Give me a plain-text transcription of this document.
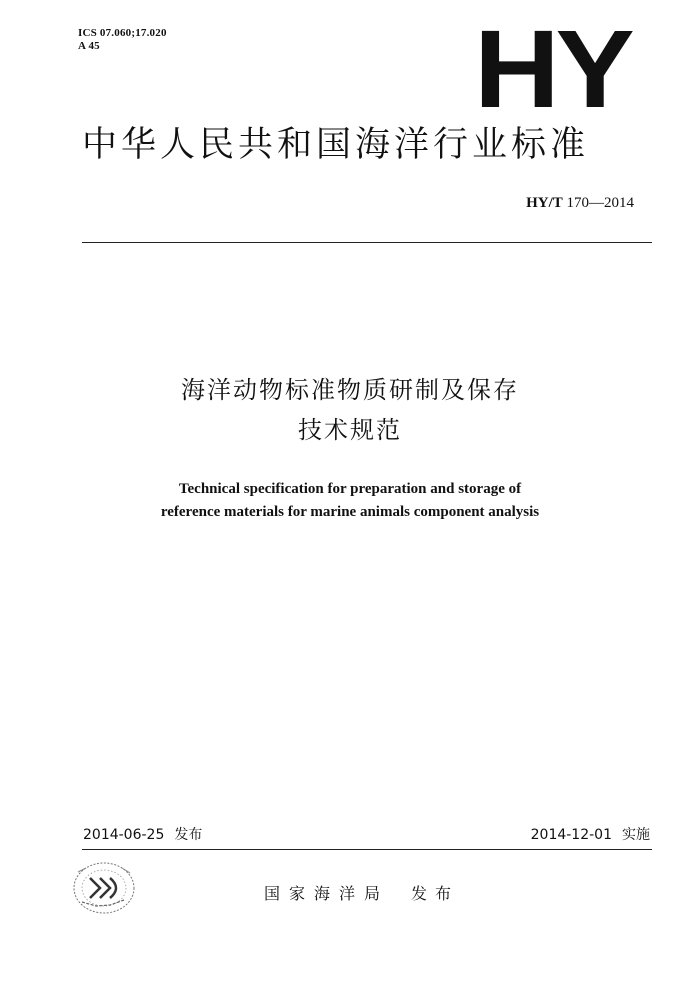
ICS 07.060;17.020
A 45	HY
中华人民共和国海洋行业标准
HY/T 170—2014
海洋动物标准物质研制及保存
技术规范
Technical specification for preparation and storage of
reference materials for marine animals component analysis
2014-06-25 发布	2014-12-01 实施
国家海洋局 发布
